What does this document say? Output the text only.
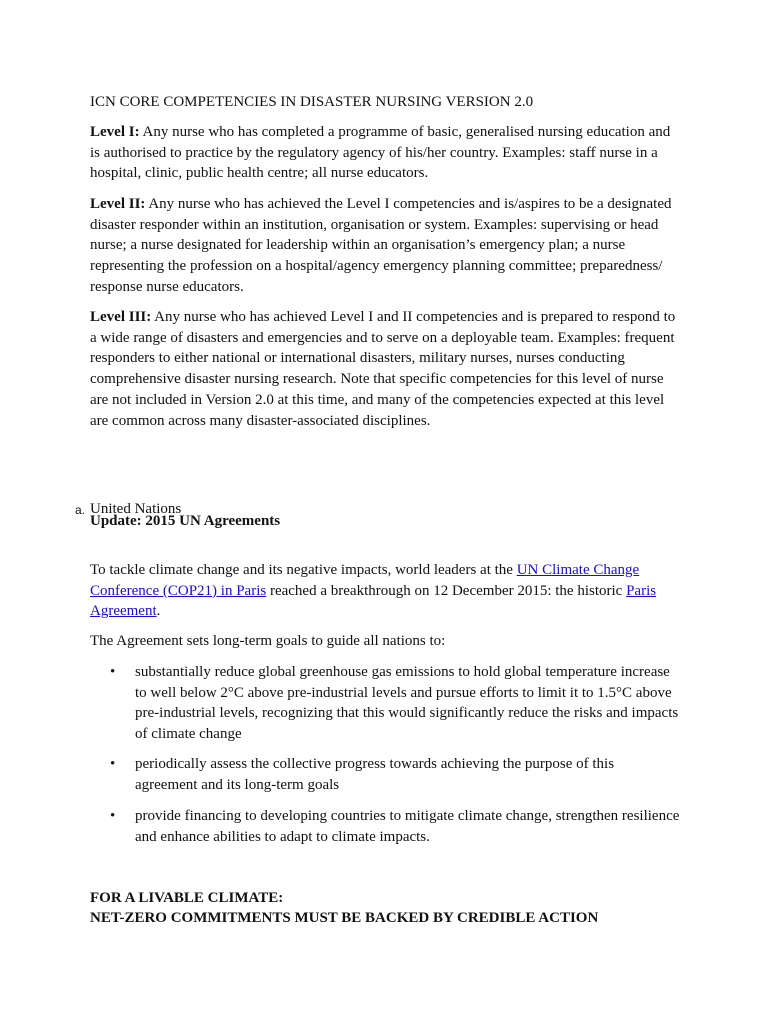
ICN CORE COMPETENCIES IN DISASTER NURSING VERSION 2.0

Level I: Any nurse who has completed a programme of basic, generalised nursing education and is authorised to practice by the regulatory agency of his/her country. Examples: staff nurse in a hospital, clinic, public health centre; all nurse educators.

Level II: Any nurse who has achieved the Level I competencies and is/aspires to be a designated disaster responder within an institution, organisation or system. Examples: supervising or head nurse; a nurse designated for leadership within an organisation’s emergency plan; a nurse representing the profession on a hospital/agency emergency planning committee; preparedness/ response nurse educators.

Level III: Any nurse who has achieved Level I and II competencies and is prepared to respond to a wide range of disasters and emergencies and to serve on a deployable team. Examples: frequent responders to either national or international disasters, military nurses, nurses conducting comprehensive disaster nursing research. Note that specific competencies for this level of nurse are not included in Version 2.0 at this time, and many of the competencies expected at this level are common across many disaster-associated disciplines.

a. United Nations

Update: 2015 UN Agreements

To tackle climate change and its negative impacts, world leaders at the UN Climate Change Conference (COP21) in Paris reached a breakthrough on 12 December 2015: the historic Paris Agreement.

The Agreement sets long-term goals to guide all nations to:

• substantially reduce global greenhouse gas emissions to hold global temperature increase to well below 2°C above pre-industrial levels and pursue efforts to limit it to 1.5°C above pre-industrial levels, recognizing that this would significantly reduce the risks and impacts of climate change
• periodically assess the collective progress towards achieving the purpose of this agreement and its long-term goals
• provide financing to developing countries to mitigate climate change, strengthen resilience and enhance abilities to adapt to climate impacts.

FOR A LIVABLE CLIMATE:

NET-ZERO COMMITMENTS MUST BE BACKED BY CREDIBLE ACTION
